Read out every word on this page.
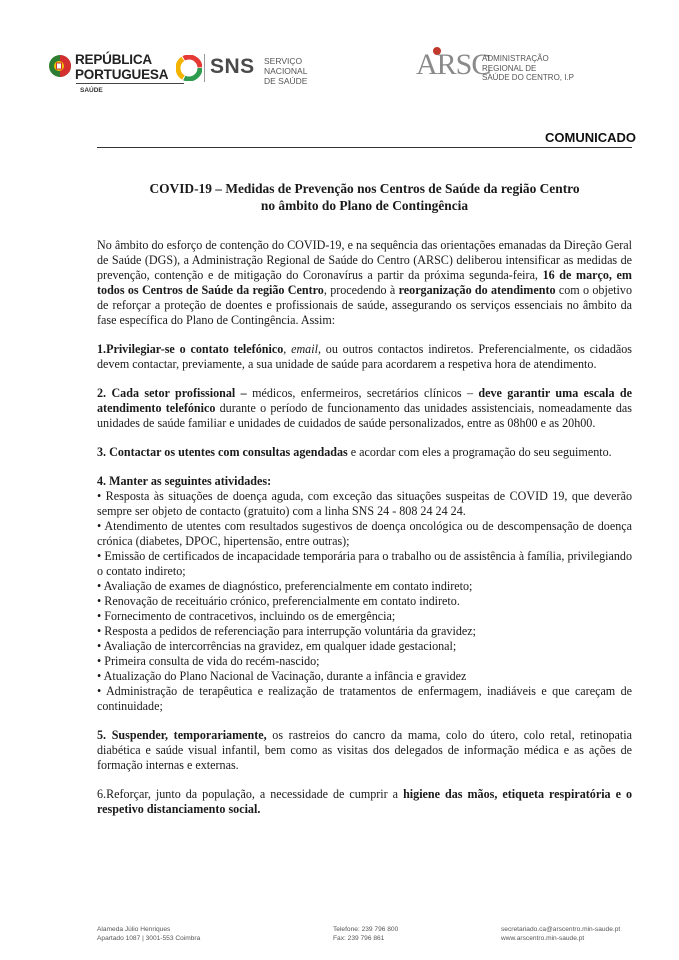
REPÚBLICA
PORTUGUESA
SAÚDE
SNS SERVIÇO NACIONAL
DE SAÚDE	ARSC
ADMINISTRAÇÃO
REGIONAL DE
SAÚDE DO CENTRO, I.P
COMUNICADO
COVID-19 – Medidas de Prevenção nos Centros de Saúde da região Centro
no âmbito do Plano de Contingência

No âmbito do esforço de contenção do COVID-19, e na sequência das orientações emanadas da Direção Geral de Saúde (DGS), a Administração Regional de Saúde do Centro (ARSC) deliberou intensificar as medidas de prevenção, contenção e de mitigação do Coronavírus a partir da próxima segunda-feira, 16 de março, em todos os Centros de Saúde da região Centro, procedendo à reorganização do atendimento com o objetivo de reforçar a proteção de doentes e profissionais de saúde, assegurando os serviços essenciais no âmbito da fase específica do Plano de Contingência. Assim:

1.Privilegiar-se o contato telefónico, email, ou outros contactos indiretos. Preferencialmente, os cidadãos devem contactar, previamente, a sua unidade de saúde para acordarem a respetiva hora de atendimento.

2. Cada setor profissional – médicos, enfermeiros, secretários clínicos – deve garantir uma escala de atendimento telefónico durante o período de funcionamento das unidades assistenciais, nomeadamente das unidades de saúde familiar e unidades de cuidados de saúde personalizados, entre as 08h00 e as 20h00.

3. Contactar os utentes com consultas agendadas e acordar com eles a programação do seu seguimento.

4. Manter as seguintes atividades:
• Resposta às situações de doença aguda, com exceção das situações suspeitas de COVID 19, que deverão sempre ser objeto de contacto (gratuito) com a linha SNS 24 - 808 24 24 24.
• Atendimento de utentes com resultados sugestivos de doença oncológica ou de descompensação de doença crónica (diabetes, DPOC, hipertensão, entre outras);
• Emissão de certificados de incapacidade temporária para o trabalho ou de assistência à família, privilegiando o contato indireto;
• Avaliação de exames de diagnóstico, preferencialmente em contato indireto;
• Renovação de receituário crónico, preferencialmente em contato indireto.
• Fornecimento de contracetivos, incluindo os de emergência;
• Resposta a pedidos de referenciação para interrupção voluntária da gravidez;
• Avaliação de intercorrências na gravidez, em qualquer idade gestacional;
• Primeira consulta de vida do recém-nascido;
• Atualização do Plano Nacional de Vacinação, durante a infância e gravidez
• Administração de terapêutica e realização de tratamentos de enfermagem, inadiáveis e que careçam de continuidade;

5. Suspender, temporariamente, os rastreios do cancro da mama, colo do útero, colo retal, retinopatia diabética e saúde visual infantil, bem como as visitas dos delegados de informação médica e as ações de formação internas e externas.

6.Reforçar, junto da população, a necessidade de cumprir a higiene das mãos, etiqueta respiratória e o respetivo distanciamento social.

Alameda Júlio Henriques
Apartado 1087 | 3001-553 Coimbra
Telefone: 239 796 800
Fax: 239 796 861
secretariado.ca@arscentro.min-saude.pt
www.arscentro.min-saude.pt
